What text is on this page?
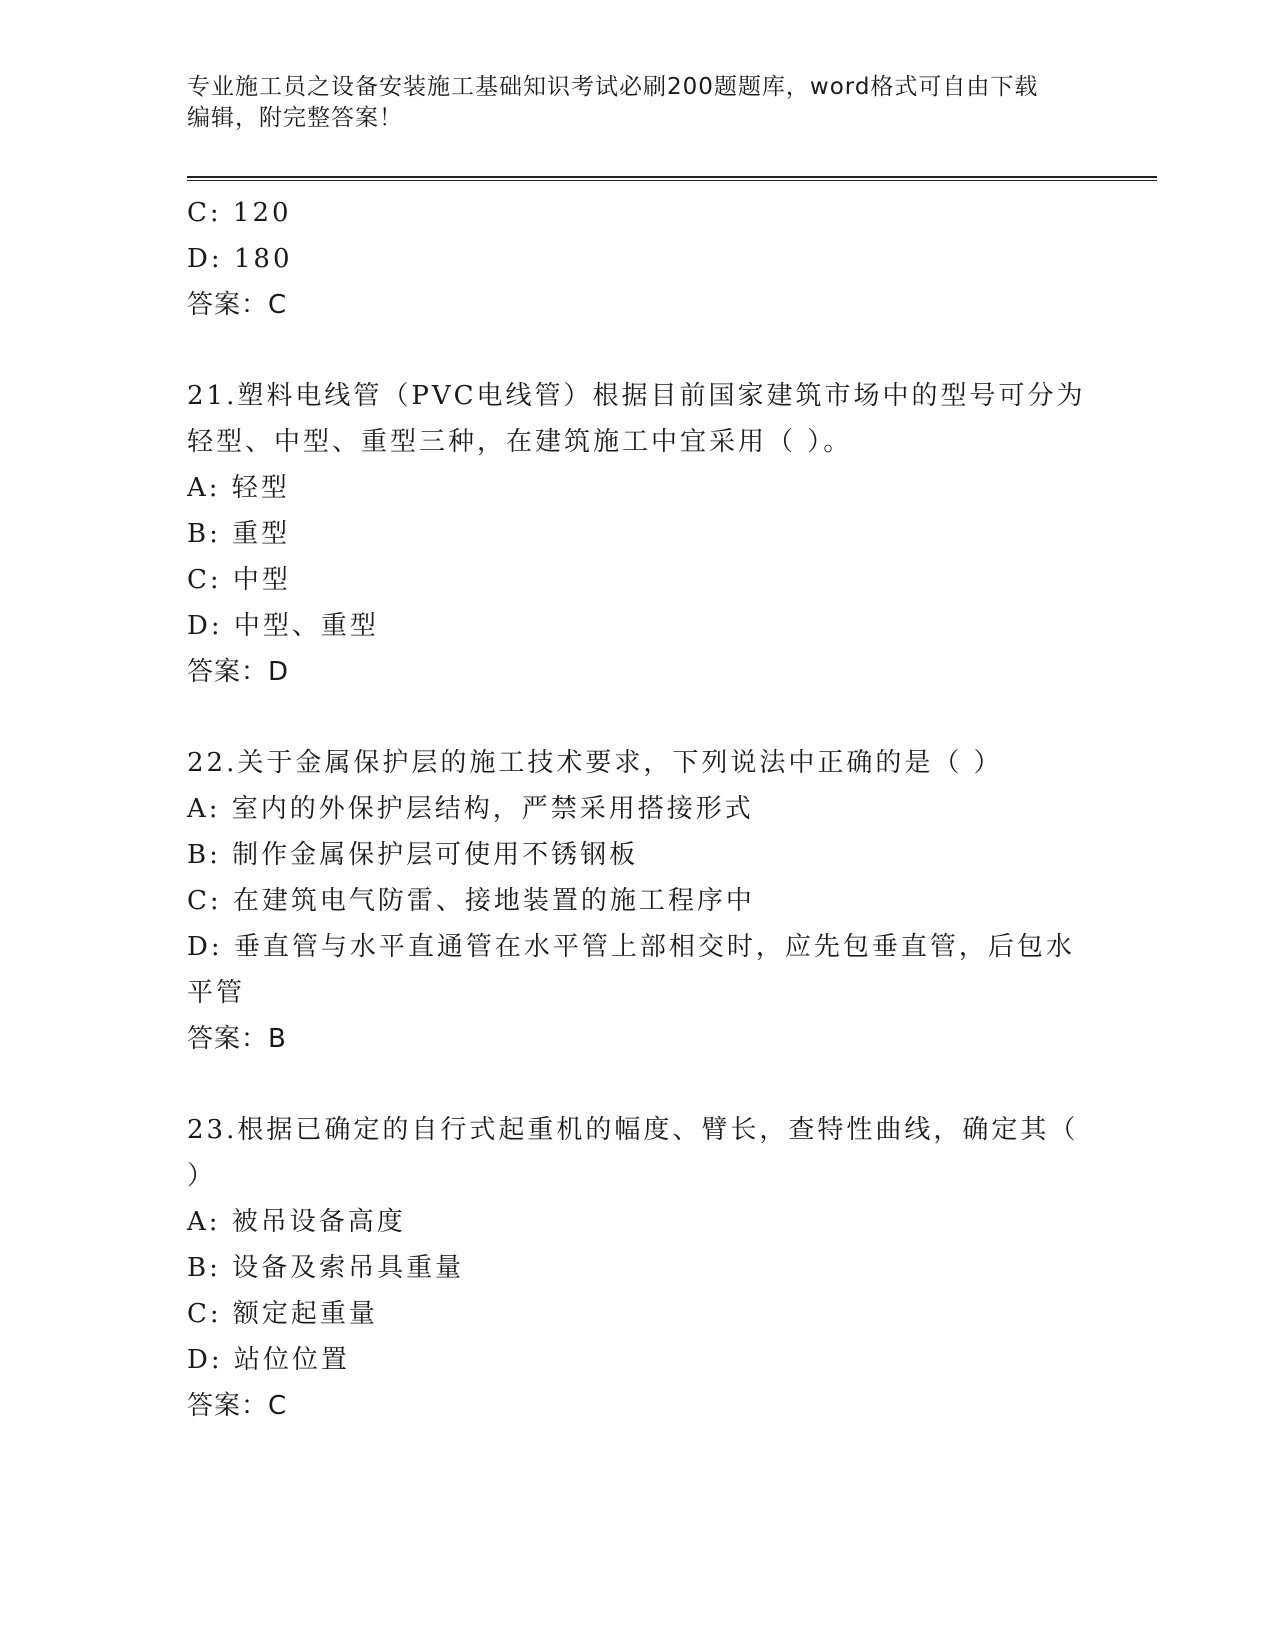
专业施工员之设备安装施工基础知识考试必刷200题题库，word格式可自由下载
编辑，附完整答案！
C: 120
D: 180
答案：C
21.塑料电线管（PVC电线管）根据目前国家建筑市场中的型号可分为
轻型、中型、重型三种，在建筑施工中宜采用（ ）。
A: 轻型
B: 重型
C: 中型
D: 中型、重型
答案：D
22.关于金属保护层的施工技术要求，下列说法中正确的是（ ）
A: 室内的外保护层结构，严禁采用搭接形式
B: 制作金属保护层可使用不锈钢板
C: 在建筑电气防雷、接地装置的施工程序中
D: 垂直管与水平直通管在水平管上部相交时，应先包垂直管，后包水
平管
答案：B
23.根据已确定的自行式起重机的幅度、臂长，查特性曲线，确定其（
）
A: 被吊设备高度
B: 设备及索吊具重量
C: 额定起重量
D: 站位位置
答案：C
